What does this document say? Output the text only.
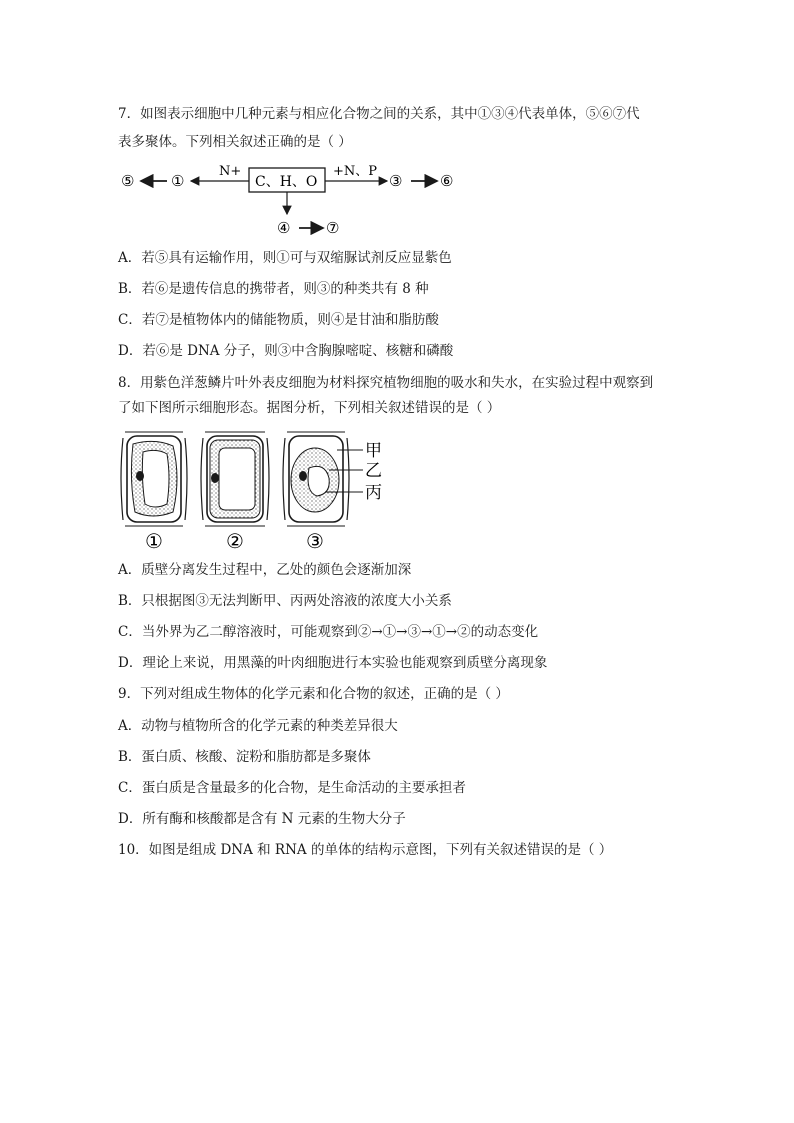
7．如图表示细胞中几种元素与相应化合物之间的关系，其中①③④代表单体，⑤⑥⑦代
表多聚体。下列相关叙述正确的是（ ）
⑤ ①
N+
C、H、O
+N、P
③	⑥
④ ⑦
A．若⑤具有运输作用，则①可与双缩脲试剂反应显紫色
B．若⑥是遗传信息的携带者，则③的种类共有 8 种
C．若⑦是植物体内的储能物质，则④是甘油和脂肪酸
D．若⑥是 DNA 分子，则③中含胸腺嘧啶、核糖和磷酸
8．用紫色洋葱鳞片叶外表皮细胞为材料探究植物细胞的吸水和失水，在实验过程中观察到
了如下图所示细胞形态。据图分析，下列相关叙述错误的是（ ）
甲
乙
丙
①	②	③
A．质壁分离发生过程中，乙处的颜色会逐渐加深
B．只根据图③无法判断甲、丙两处溶液的浓度大小关系
C．当外界为乙二醇溶液时，可能观察到②→①→③→①→②的动态变化
D．理论上来说，用黑藻的叶肉细胞进行本实验也能观察到质壁分离现象
9．下列对组成生物体的化学元素和化合物的叙述，正确的是（ ）
A．动物与植物所含的化学元素的种类差异很大
B．蛋白质、核酸、淀粉和脂肪都是多聚体
C．蛋白质是含量最多的化合物，是生命活动的主要承担者
D．所有酶和核酸都是含有 N 元素的生物大分子
10．如图是组成 DNA 和 RNA 的单体的结构示意图，下列有关叙述错误的是（ ）
